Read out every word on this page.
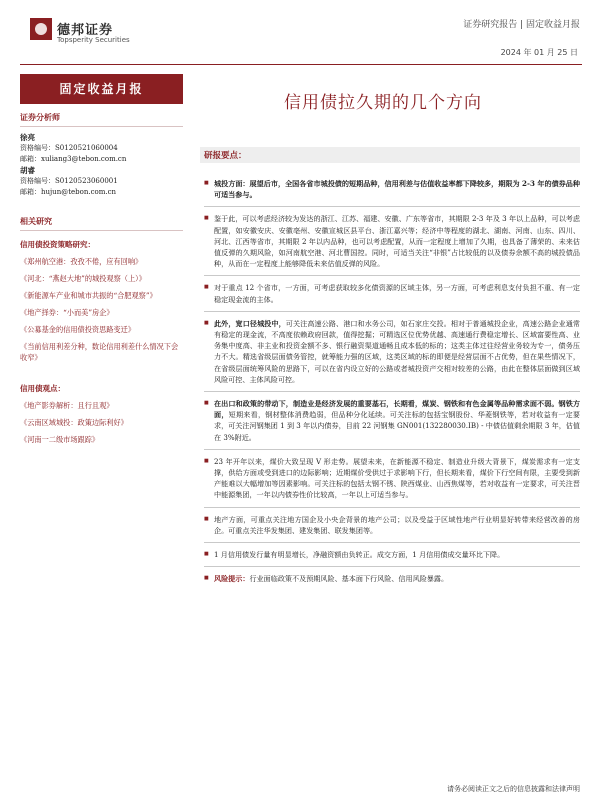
德邦证券
Topsperity Securities
证券研究报告 | 固定收益月报
2024 年 01 月 25 日
固定收益月报
信用债拉久期的几个方向
证券分析师
徐亮
资格编号：S0120521060004
邮箱：xuliang3@tebon.com.cn
胡睿
资格编号：S0120523060001
邮箱：hujun@tebon.com.cn
相关研究
信用债投资策略研究：
《郑州航空港：孜孜不倦，应有回响》
《河北：“燕赵大地”的城投观察（上）》
《新能源车产业和城市共振的“合肥观察”》
《地产择券：“小而美”房企》
《公募基金的信用债投资思路变迁》
《当前信用利差分种，数论信用利差什么情况下会收窄》
信用债观点：
《地产影券解析：且行且观》
《云南区域城投：政策边际利好》
《河南一二级市场跟踪》
研报要点：
■ 城投方面：展望后市，全国各省市城投债的短期品种，信用利差与估值收益率都下降较多，期限为 2-3 年的债券品种可适当参与。
■ 鉴于此，可以考虑经济较为发达的浙江、江苏、福建、安徽、广东等省市，其期限 2-3 年及 3 年以上品种，可以考虑配置，如安徽安庆、安徽亳州、安徽宣城区县平台、浙江嘉兴等；经济中等程度的湖北、湖南、河南、山东、四川、河北、江西等省市，其期限 2 年以内品种，也可以考虑配置，从而一定程度上增加了久期，也具备了薄荣的、未来估值反弹的久期风险，如河南航空港、河北曹国控。同时，可适当关注“非银”占比较低的以及债券余额不高的城投债品种，从而在一定程度上能够降低未来估值反弹的风险。
■ 对于重点 12 个省市，一方面，可考虑获取较多化债资源的区域主体，另一方面，可考虑利息支付负担不重、有一定稳定现金流的主体。
■ 此外，宽口径城投中，可关注高速公路、港口和水务公司，如石家庄交投。相对于普通城投企业，高速公路企业通常有稳定的现金流，不高度依赖政府回款，值得挖掘；可精选区位优势优越、高速通行费稳定增长、区域富要性高、业务集中度高、非主业和投资金额不多、银行融资渠道通畅且成本低的标的；这类主体过往经营业务较为专一，债务压力不大。精选省级层面债务管控，就筹能力强的区域，这类区域的标的即便是经营层面不占优势，但在果些情况下，在省级层面统筹风险的思路下，可以在省内设立好的公路或者城投资产交相对较差的公路，由此在整体层面做到区域风险可控、主体风险可控。
■ 在出口和政策的带动下，制造业是经济发展的重要基石，长期看，煤炭、钢铁和有色金属等品种需求面不弱。钢铁方面，短期来看，钢材整体消费趋弱，但品种分化延续。可关注标的包括宝钢股份、华菱钢铁等，若对收益有一定要求，可关注河钢集团 1 到 3 年以内债券，目前 22 河钢集 GN001(132280030.IB) - 中债估值剩余期限 3 年，估值在 3%附近。
■ 23 年开年以来，煤价大致呈现 V 形走势。展望未来，在新能源不稳定、制造业升级大背景下，煤炭需求有一定支撑，供给方面或受到进口的边际影响；近期煤价受供过于求影响下行，但长期来看，煤价下行空间有限，主要受到新产能难以大幅增加等因素影响。可关注标的包括太钢不锈、陕西煤业、山西焦煤等，若对收益有一定要求，可关注晋中能源集团，一年以内债券性价比较高，一年以上可适当参与。
■ 地产方面，可重点关注地方国企及小央企背景的地产公司；以及受益于区域性地产行业明显好转带来经营改善的房企。可重点关注华发集团、建发集团、联发集团等。
■ 1 月信用债发行量有明显增长，净融资额由负转正。成交方面，1 月信用债成交量环比下降。
■ 风险提示：行业面临政策不及预期风险、基本面下行风险、信用风险暴露。
请务必阅读正文之后的信息披露和法律声明
